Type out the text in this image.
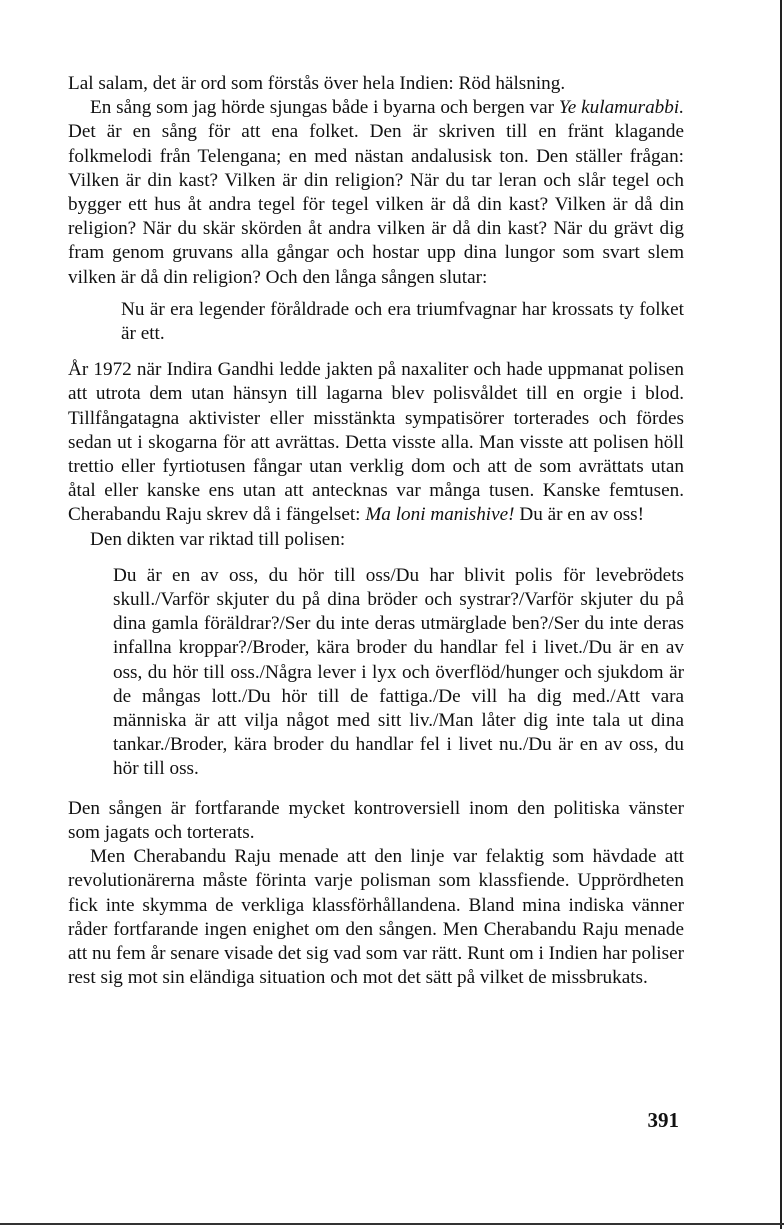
Lal salam, det är ord som förstås över hela Indien: Röd hälsning.

En sång som jag hörde sjungas både i byarna och bergen var Ye kulamurabbi. Det är en sång för att ena folket. Den är skriven till en fränt klagande folkmelodi från Telengana; en med nästan andalusisk ton. Den ställer frågan: Vilken är din kast? Vilken är din religion? När du tar leran och slår tegel och bygger ett hus åt andra tegel för tegel vilken är då din kast? Vilken är då din religion? När du skär skörden åt andra vilken är då din kast? När du grävt dig fram genom gruvans alla gångar och hostar upp dina lungor som svart slem vilken är då din religion? Och den långa sången slutar:

Nu är era legender föråldrade och era triumfvagnar har krossats ty folket är ett.

År 1972 när Indira Gandhi ledde jakten på naxaliter och hade uppmanat polisen att utrota dem utan hänsyn till lagarna blev polisvåldet till en orgie i blod. Tillfångatagna aktivister eller misstänkta sympatisörer torterades och fördes sedan ut i skogarna för att avrättas. Detta visste alla. Man visste att polisen höll trettio eller fyrtiotusen fångar utan verklig dom och att de som avrättats utan åtal eller kanske ens utan att antecknas var många tusen. Kanske femtusen. Cherabandu Raju skrev då i fängelset: Ma loni manishive! Du är en av oss!

Den dikten var riktad till polisen:

Du är en av oss, du hör till oss/Du har blivit polis för levebrödets skull./Varför skjuter du på dina bröder och systrar?/Varför skjuter du på dina gamla föräldrar?/Ser du inte deras utmärglade ben?/Ser du inte deras infallna kroppar?/Broder, kära broder du handlar fel i livet./Du är en av oss, du hör till oss./Några lever i lyx och överflöd/hunger och sjukdom är de mångas lott./Du hör till de fattiga./De vill ha dig med./Att vara människa är att vilja något med sitt liv./Man låter dig inte tala ut dina tankar./Broder, kära broder du handlar fel i livet nu./Du är en av oss, du hör till oss.

Den sången är fortfarande mycket kontroversiell inom den politiska vänster som jagats och torterats.

Men Cherabandu Raju menade att den linje var felaktig som hävdade att revolutionärerna måste förinta varje polisman som klassfiende. Upprördheten fick inte skymma de verkliga klassförhållandena. Bland mina indiska vänner råder fortfarande ingen enighet om den sången. Men Cherabandu Raju menade att nu fem år senare visade det sig vad som var rätt. Runt om i Indien har poliser rest sig mot sin eländiga situation och mot det sätt på vilket de missbrukats.

391
